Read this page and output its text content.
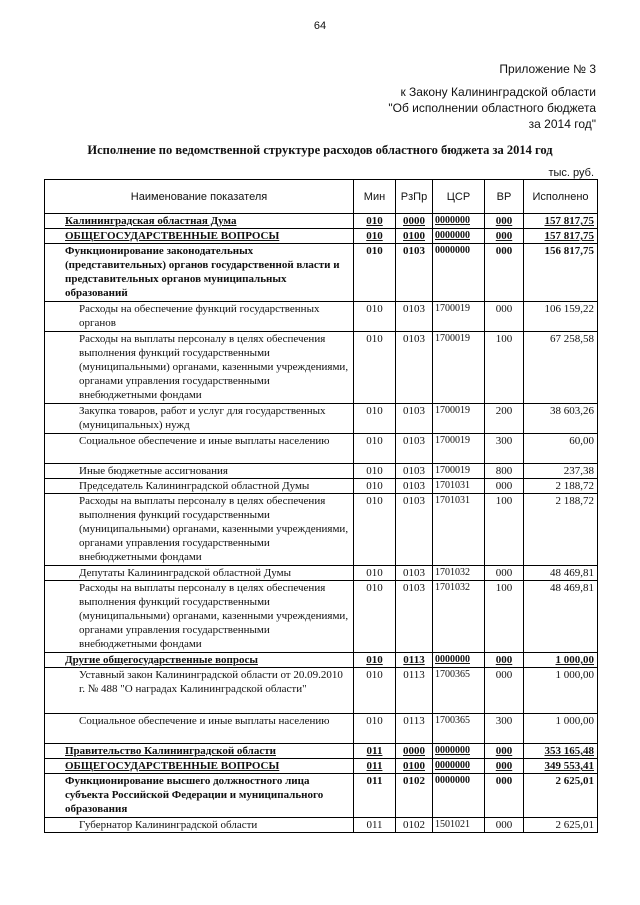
64
Приложение № 3
к Закону Калининградской области
"Об исполнении областного бюджета
за 2014 год"
Исполнение по ведомственной структуре расходов областного бюджета за 2014 год
тыс. руб.
Наименование показателя	Мин	РзПр	ЦСР	ВР	Исполнено
Калининградская областная Дума	010	0000	0000000	000	157 817,75
ОБЩЕГОСУДАРСТВЕННЫЕ ВОПРОСЫ	010	0100	0000000	000	157 817,75
Функционирование законодательных (представительных) органов государственной власти и представительных органов муниципальных образований	010	0103	0000000	000	156 817,75
Расходы на обеспечение функций государственных органов	010	0103	1700019	000	106 159,22
Расходы на выплаты персоналу в целях обеспечения выполнения функций государственными (муниципальными) органами, казенными учреждениями, органами управления государственными внебюджетными фондами	010	0103	1700019	100	67 258,58
Закупка товаров, работ и услуг для государственных (муниципальных) нужд	010	0103	1700019	200	38 603,26
Социальное обеспечение и иные выплаты населению	010	0103	1700019	300	60,00
Иные бюджетные ассигнования	010	0103	1700019	800	237,38
Председатель Калининградской областной Думы	010	0103	1701031	000	2 188,72
Расходы на выплаты персоналу в целях обеспечения выполнения функций государственными (муниципальными) органами, казенными учреждениями, органами управления государственными внебюджетными фондами	010	0103	1701031	100	2 188,72
Депутаты Калининградской областной Думы	010	0103	1701032	000	48 469,81
Расходы на выплаты персоналу в целях обеспечения выполнения функций государственными (муниципальными) органами, казенными учреждениями, органами управления государственными внебюджетными фондами	010	0103	1701032	100	48 469,81
Другие общегосударственные вопросы	010	0113	0000000	000	1 000,00
Уставный закон Калининградской области от 20.09.2010 г. № 488 "О наградах Калининградской области"	010	0113	1700365	000	1 000,00
Социальное обеспечение и иные выплаты населению	010	0113	1700365	300	1 000,00
Правительство Калининградской области	011	0000	0000000	000	353 165,48
ОБЩЕГОСУДАРСТВЕННЫЕ ВОПРОСЫ	011	0100	0000000	000	349 553,41
Функционирование высшего должностного лица субъекта Российской Федерации и муниципального образования	011	0102	0000000	000	2 625,01
Губернатор Калининградской области	011	0102	1501021	000	2 625,01
